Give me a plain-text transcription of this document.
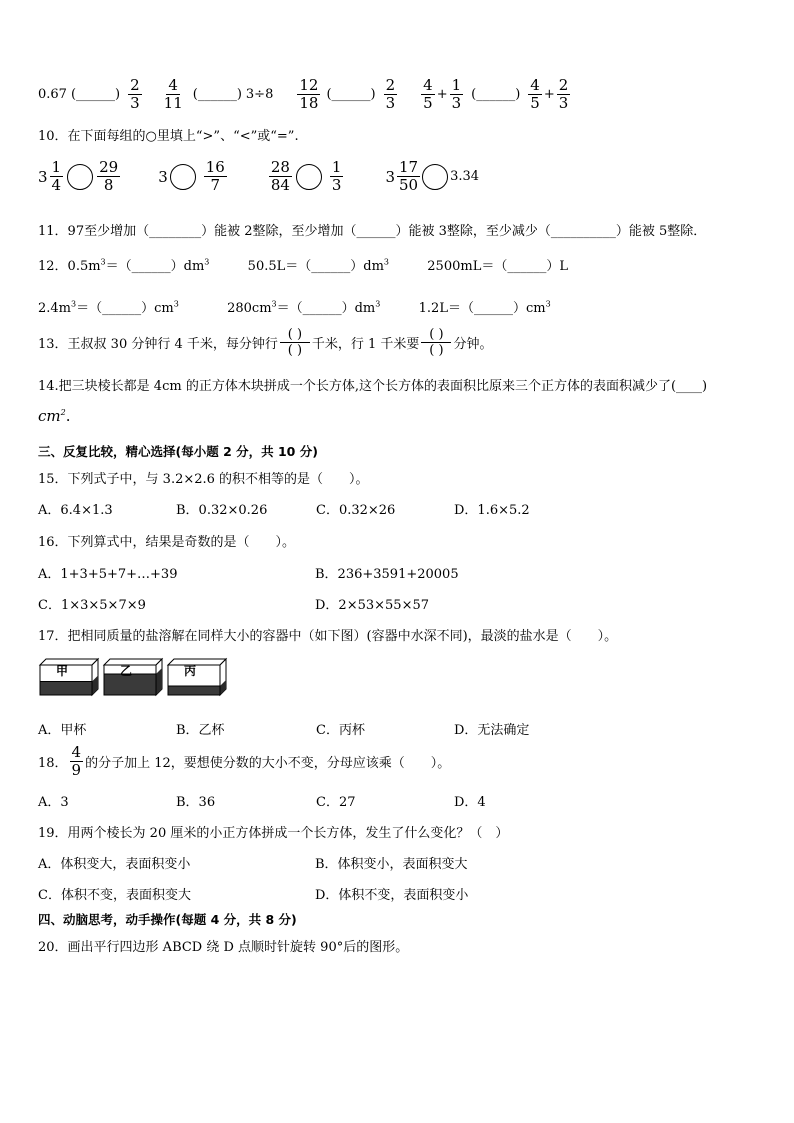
0.67 (______) $\frac{2}{3} \frac{4}{11}$ (______) $3\div 8 \frac{12}{18}$ (______) $\frac{2}{3} \frac{4}{5} + \frac{1}{3}$ (______) $\frac{4}{5} + \frac{2}{3}$
10．在下面每组的○里填上“>”、“<”或“=”.
$3 \frac{1}{4} \frac{29}{8}$	$3 \frac{16}{7}$	$\frac{28}{84}$	$\frac{1}{3}$	$3 \frac{17}{50} 3.34$
11．97至少增加（________）能被 2整除，至少增加（______）能被 3整除，至少减少（__________）能被 5整除．
12．$0.5m^3=(\_\_\_\_\_\_)dm^3$	$50.5L=(\_\_\_\_\_\_)dm^3$	2500mL＝（______）L
$2.4m^3=(\_\_\_\_\_\_)cm^3$	$280cm^3=(\_\_\_\_\_\_)dm^3$	$1.2L=(\_\_\_\_\_\_)cm^3$
13．王叔叔 30 分钟行 4 千米，每分钟行 $\frac{( )}{( )}$ 千米，行 1 千米要 $\frac{( )}{( )}$ 分钟。
14.把三块棱长都是 4cm 的正方体木块拼成一个长方体,这个长方体的表面积比原来三个正方体的表面积减少了(____)
$cm^2$.
三、反复比较，精心选择(每小题 2 分，共 10 分)
15．下列式子中，与 3.2×2.6 的积不相等的是（　　）。
A．6.4×1.3	B．0.32×0.26	C．0.32×26	D．1.6×5.2
16．下列算式中，结果是奇数的是（　　）。
A．1+3+5+7+…+39	B．236+3591+20005
C．1×3×5×7×9	D．2×53×55×57
17．把相同质量的盐溶解在同样大小的容器中（如下图）(容器中水深不同)，最淡的盐水是（　　）。
甲	乙	丙
A．甲杯	B．乙杯	C．丙杯	D．无法确定
18． $\frac{4}{9}$ 的分子加上 12，要想使分数的大小不变，分母应该乘（　　）。
A．3	B．36	C．27	D．4
19．用两个棱长为 20 厘米的小正方体拼成一个长方体，发生了什么变化？（　）
A．体积变大，表面积变小	B．体积变小，表面积变大
C．体积不变，表面积变大	D．体积不变，表面积变小
四、动脑思考，动手操作(每题 4 分，共 8 分)
20．画出平行四边形 ABCD 绕 D 点顺时针旋转 90°后的图形。
